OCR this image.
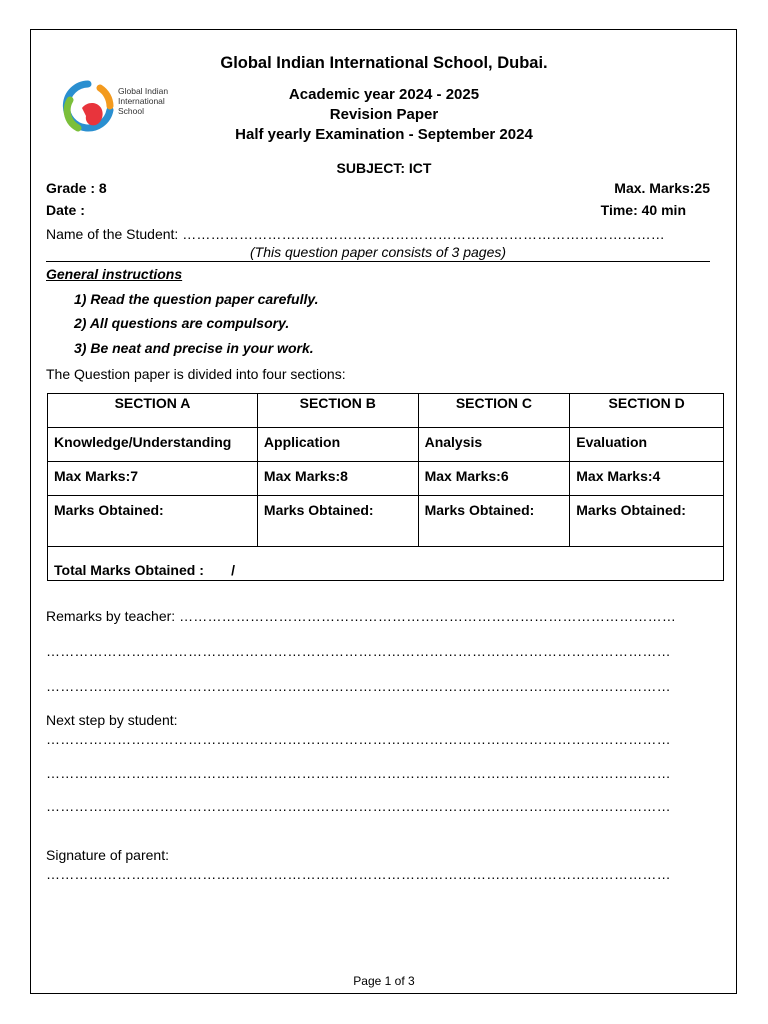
Global Indian International School
Global Indian International School, Dubai.
Academic year 2024 - 2025
Revision Paper
Half yearly Examination - September 2024
SUBJECT: ICT
Grade : 8	Max. Marks:25
Date :	Time: 40 min
Name of the Student: …………………………………………………………………………………………
(This question paper consists of 3 pages)
General instructions
1) Read the question paper carefully.
2) All questions are compulsory.
3) Be neat and precise in your work.
The Question paper is divided into four sections:
SECTION A	SECTION B	SECTION C	SECTION D
Knowledge/Understanding	Application	Analysis	Evaluation
Max Marks:7	Max Marks:8	Max Marks:6	Max Marks:4
Marks Obtained:	Marks Obtained:	Marks Obtained:	Marks Obtained:
Total Marks Obtained :       /			
Remarks by teacher: ……………………………………………………………………………………………
……………………………………………………………………………………………………………………
……………………………………………………………………………………………………………………
Next step by student:
……………………………………………………………………………………………………………………
……………………………………………………………………………………………………………………
……………………………………………………………………………………………………………………
Signature of parent:
……………………………………………………………………………………………………………………
Page 1 of 3
